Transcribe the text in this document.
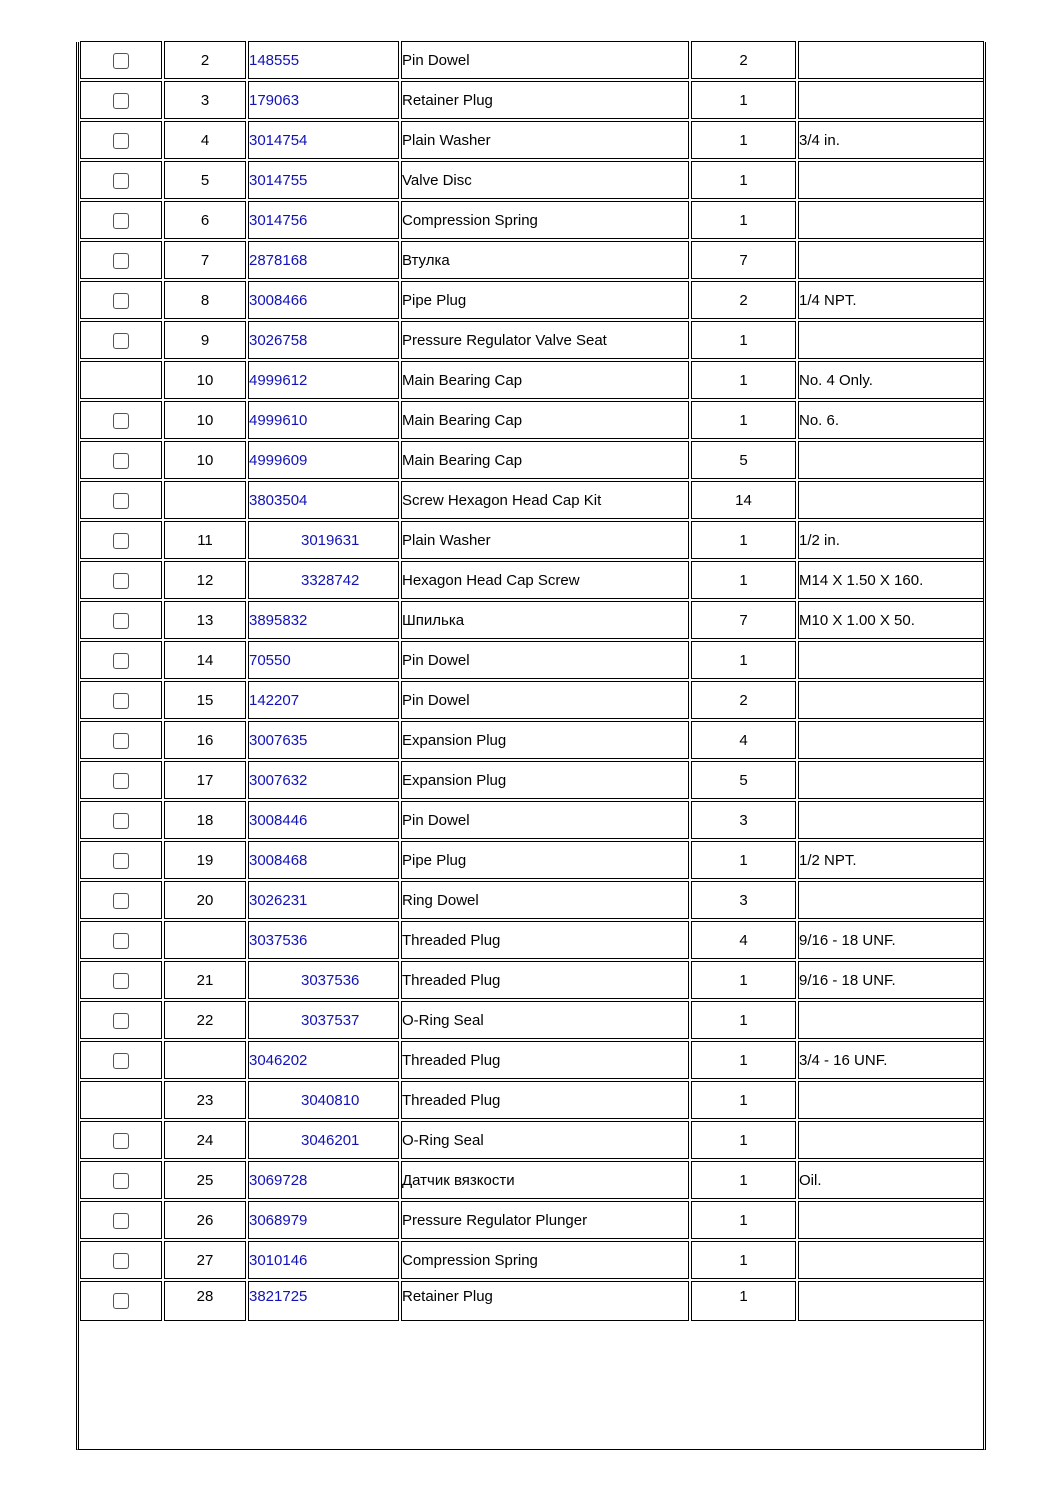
	2	148555	Pin Dowel	2	
	3	179063	Retainer Plug	1	
	4	3014754	Plain Washer	1	3/4 in.
	5	3014755	Valve Disc	1	
	6	3014756	Compression Spring	1	
	7	2878168	Втулка	7	
	8	3008466	Pipe Plug	2	1/4 NPT.
	9	3026758	Pressure Regulator Valve Seat	1	
	10	4999612	Main Bearing Cap	1	No. 4 Only.
	10	4999610	Main Bearing Cap	1	No. 6.
	10	4999609	Main Bearing Cap	5	
		3803504	Screw Hexagon Head Cap Kit	14	
	11	3019631	Plain Washer	1	1/2 in.
	12	3328742	Hexagon Head Cap Screw	1	M14 X 1.50 X 160.
	13	3895832	Шпилька	7	M10 X 1.00 X 50.
	14	70550	Pin Dowel	1	
	15	142207	Pin Dowel	2	
	16	3007635	Expansion Plug	4	
	17	3007632	Expansion Plug	5	
	18	3008446	Pin Dowel	3	
	19	3008468	Pipe Plug	1	1/2 NPT.
	20	3026231	Ring Dowel	3	
		3037536	Threaded Plug	4	9/16 - 18 UNF.
	21	3037536	Threaded Plug	1	9/16 - 18 UNF.
	22	3037537	O-Ring Seal	1	
		3046202	Threaded Plug	1	3/4 - 16 UNF.
	23	3040810	Threaded Plug	1	
	24	3046201	O-Ring Seal	1	
	25	3069728	Датчик вязкости	1	Oil.
	26	3068979	Pressure Regulator Plunger	1	
	27	3010146	Compression Spring	1	
	28	3821725	Retainer Plug	1	
